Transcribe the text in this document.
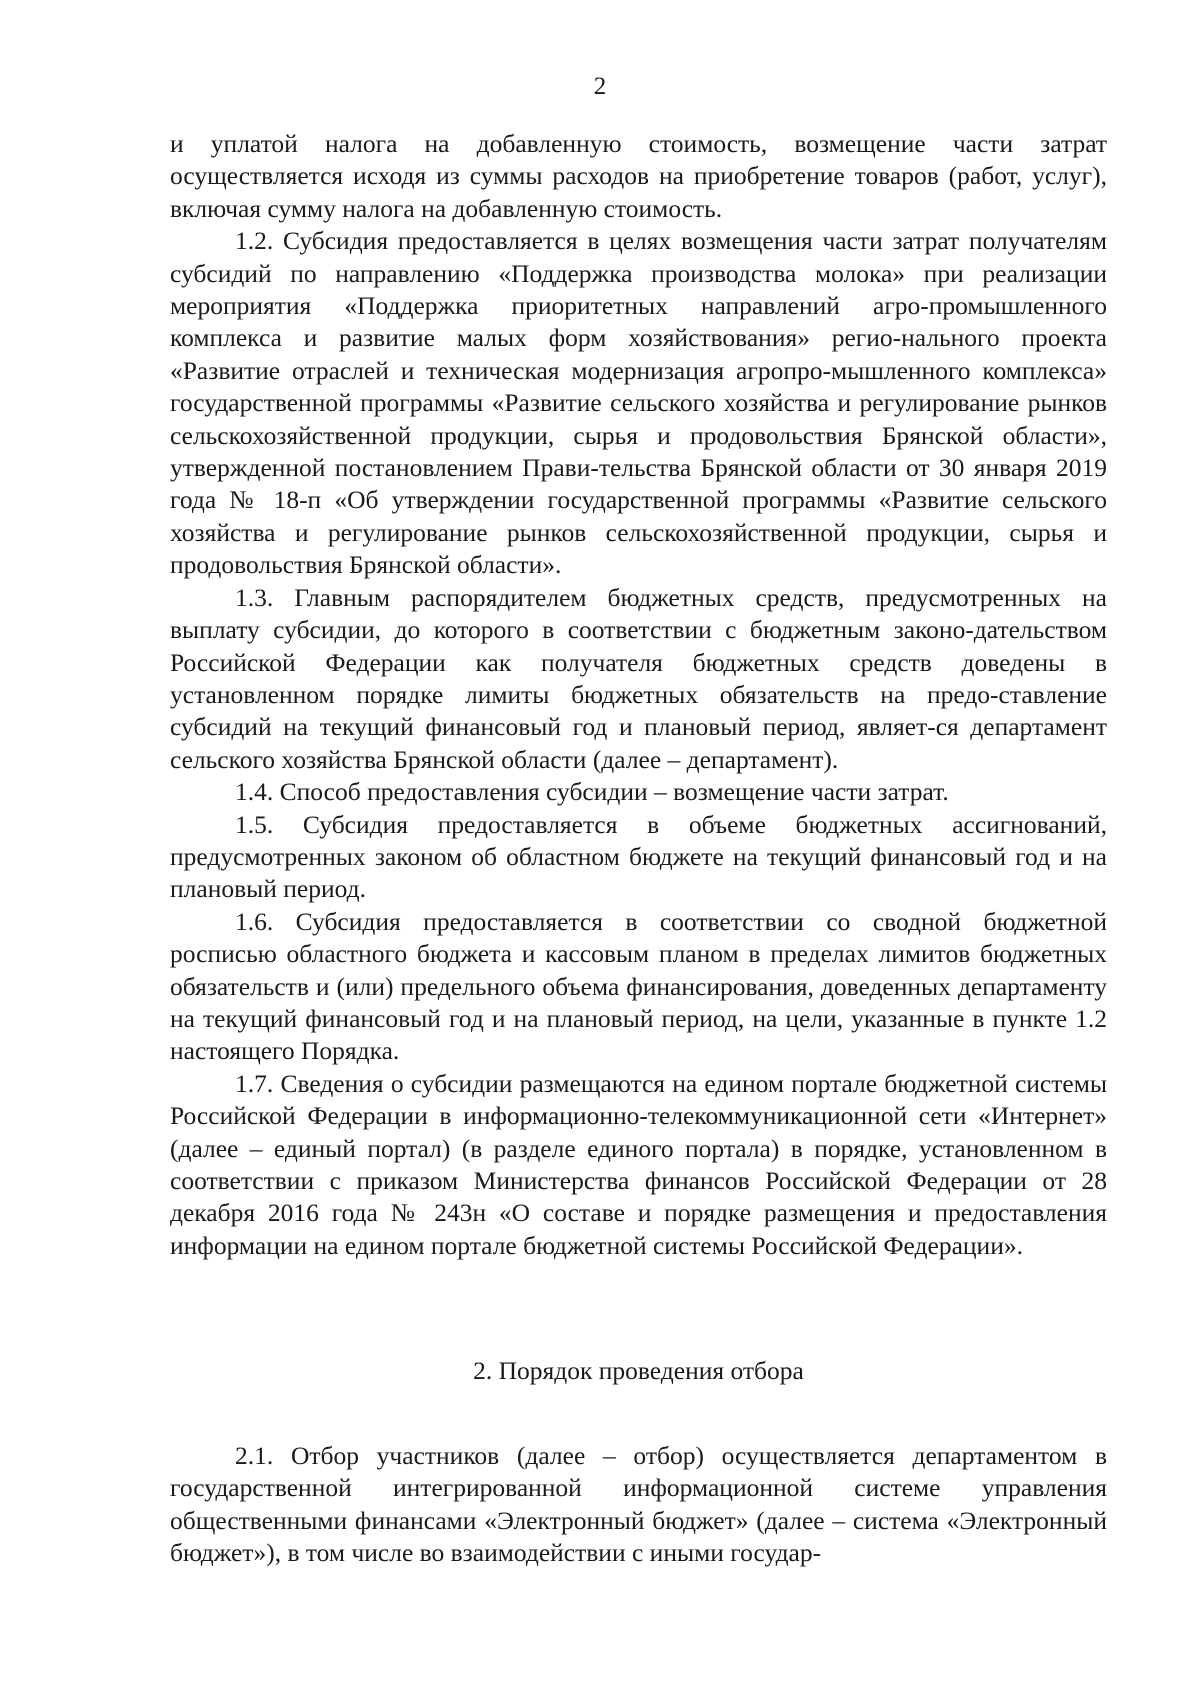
2

и уплатой налога на добавленную стоимость, возмещение части затрат осуществляется исходя из суммы расходов на приобретение товаров (работ, услуг), включая сумму налога на добавленную стоимость.

1.2. Субсидия предоставляется в целях возмещения части затрат получателям субсидий по направлению «Поддержка производства молока» при реализации мероприятия «Поддержка приоритетных направлений агро-промышленного комплекса и развитие малых форм хозяйствования» регио-нального проекта «Развитие отраслей и техническая модернизация агропро-мышленного комплекса» государственной программы «Развитие сельского хозяйства и регулирование рынков сельскохозяйственной продукции, сырья и продовольствия Брянской области», утвержденной постановлением Прави-тельства Брянской области от 30 января 2019 года № 18-п «Об утверждении государственной программы «Развитие сельского хозяйства и регулирование рынков сельскохозяйственной продукции, сырья и продовольствия Брянской области».

1.3. Главным распорядителем бюджетных средств, предусмотренных на выплату субсидии, до которого в соответствии с бюджетным законо-дательством Российской Федерации как получателя бюджетных средств доведены в установленном порядке лимиты бюджетных обязательств на предо-ставление субсидий на текущий финансовый год и плановый период, являет-ся департамент сельского хозяйства Брянской области (далее – департамент).

1.4. Способ предоставления субсидии – возмещение части затрат.

1.5. Субсидия предоставляется в объеме бюджетных ассигнований, предусмотренных законом об областном бюджете на текущий финансовый год и на плановый период.

1.6. Субсидия предоставляется в соответствии со сводной бюджетной росписью областного бюджета и кассовым планом в пределах лимитов бюджетных обязательств и (или) предельного объема финансирования, доведенных департаменту на текущий финансовый год и на плановый период, на цели, указанные в пункте 1.2 настоящего Порядка.

1.7. Сведения о субсидии размещаются на едином портале бюджетной системы Российской Федерации в информационно-телекоммуникационной сети «Интернет» (далее – единый портал) (в разделе единого портала) в порядке, установленном в соответствии с приказом Министерства финансов Российской Федерации от 28 декабря 2016 года № 243н «О составе и порядке размещения и предоставления информации на едином портале бюджетной системы Российской Федерации».

2. Порядок проведения отбора

2.1. Отбор участников (далее – отбор) осуществляется департаментом в государственной интегрированной информационной системе управления общественными финансами «Электронный бюджет» (далее – система «Электронный бюджет»), в том числе во взаимодействии с иными государ-
